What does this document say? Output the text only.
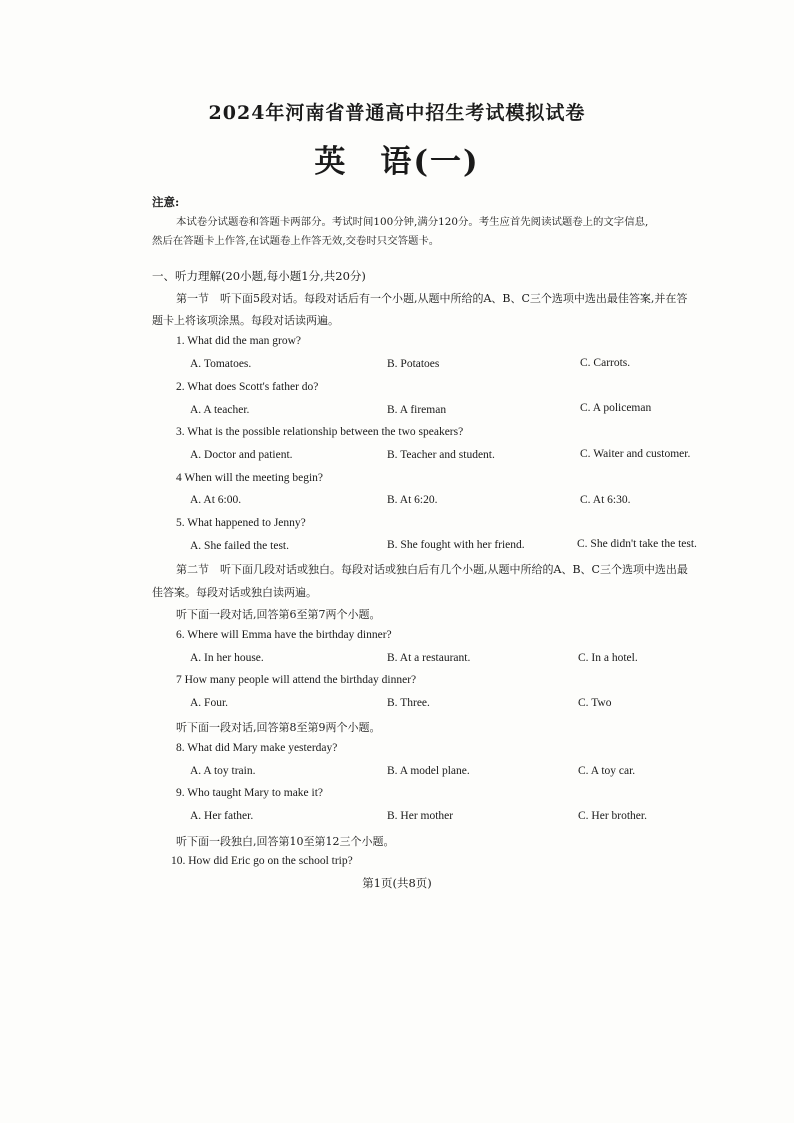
2024年河南省普通高中招生考试模拟试卷
英　语(一)
注意:
本试卷分试题卷和答题卡两部分。考试时间100分钟,满分120分。考生应首先阅读试题卷上的文字信息,
然后在答题卡上作答,在试题卷上作答无效,交卷时只交答题卡。
一、听力理解(20小题,每小题1分,共20分)
第一节　听下面5段对话。每段对话后有一个小题,从题中所给的A、B、C三个选项中选出最佳答案,并在答
题卡上将该项涂黑。每段对话读两遍。
1. What did the man grow?
A. Tomatoes.	B. Potatoes	C. Carrots.
2. What does Scott's father do?
A. A teacher.	B. A fireman	C. A policeman
3. What is the possible relationship between the two speakers?
A. Doctor and patient.	B. Teacher and student.	C. Waiter and customer.
4 When will the meeting begin?
A. At 6:00.	B. At 6:20.	C. At 6:30.
5. What happened to Jenny?
A. She failed the test.	B. She fought with her friend.	C. She didn't take the test.
第二节　听下面几段对话或独白。每段对话或独白后有几个小题,从题中所给的A、B、C三个选项中选出最
佳答案。每段对话或独白读两遍。
听下面一段对话,回答第6至第7两个小题。
6. Where will Emma have the birthday dinner?
A. In her house.	B. At a restaurant.	C. In a hotel.
7 How many people will attend the birthday dinner?
A. Four.	B. Three.	C. Two
听下面一段对话,回答第8至第9两个小题。
8. What did Mary make yesterday?
A. A toy train.	B. A model plane.	C. A toy car.
9. Who taught Mary to make it?
A. Her father.	B. Her mother	C. Her brother.
听下面一段独白,回答第10至第12三个小题。
10. How did Eric go on the school trip?
第1页(共8页)
